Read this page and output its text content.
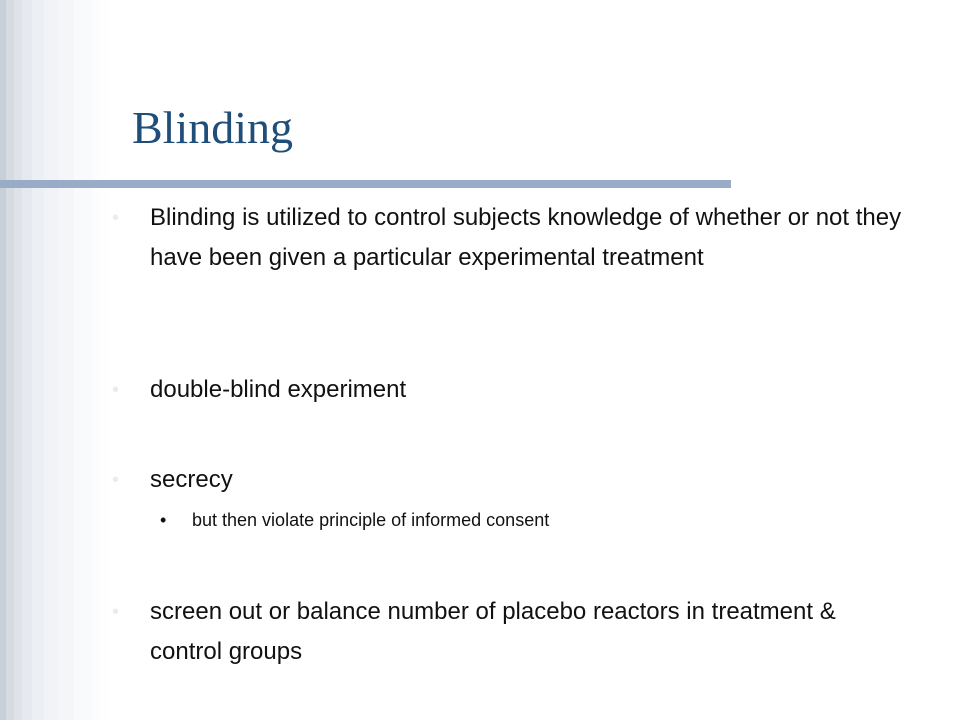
Blinding
•	Blinding is utilized to control subjects knowledge of whether or not they have been given a particular experimental treatment
•	double-blind experiment
•	secrecy
•	but then violate principle of informed consent
•	screen out or balance number of placebo reactors in treatment & control groups
